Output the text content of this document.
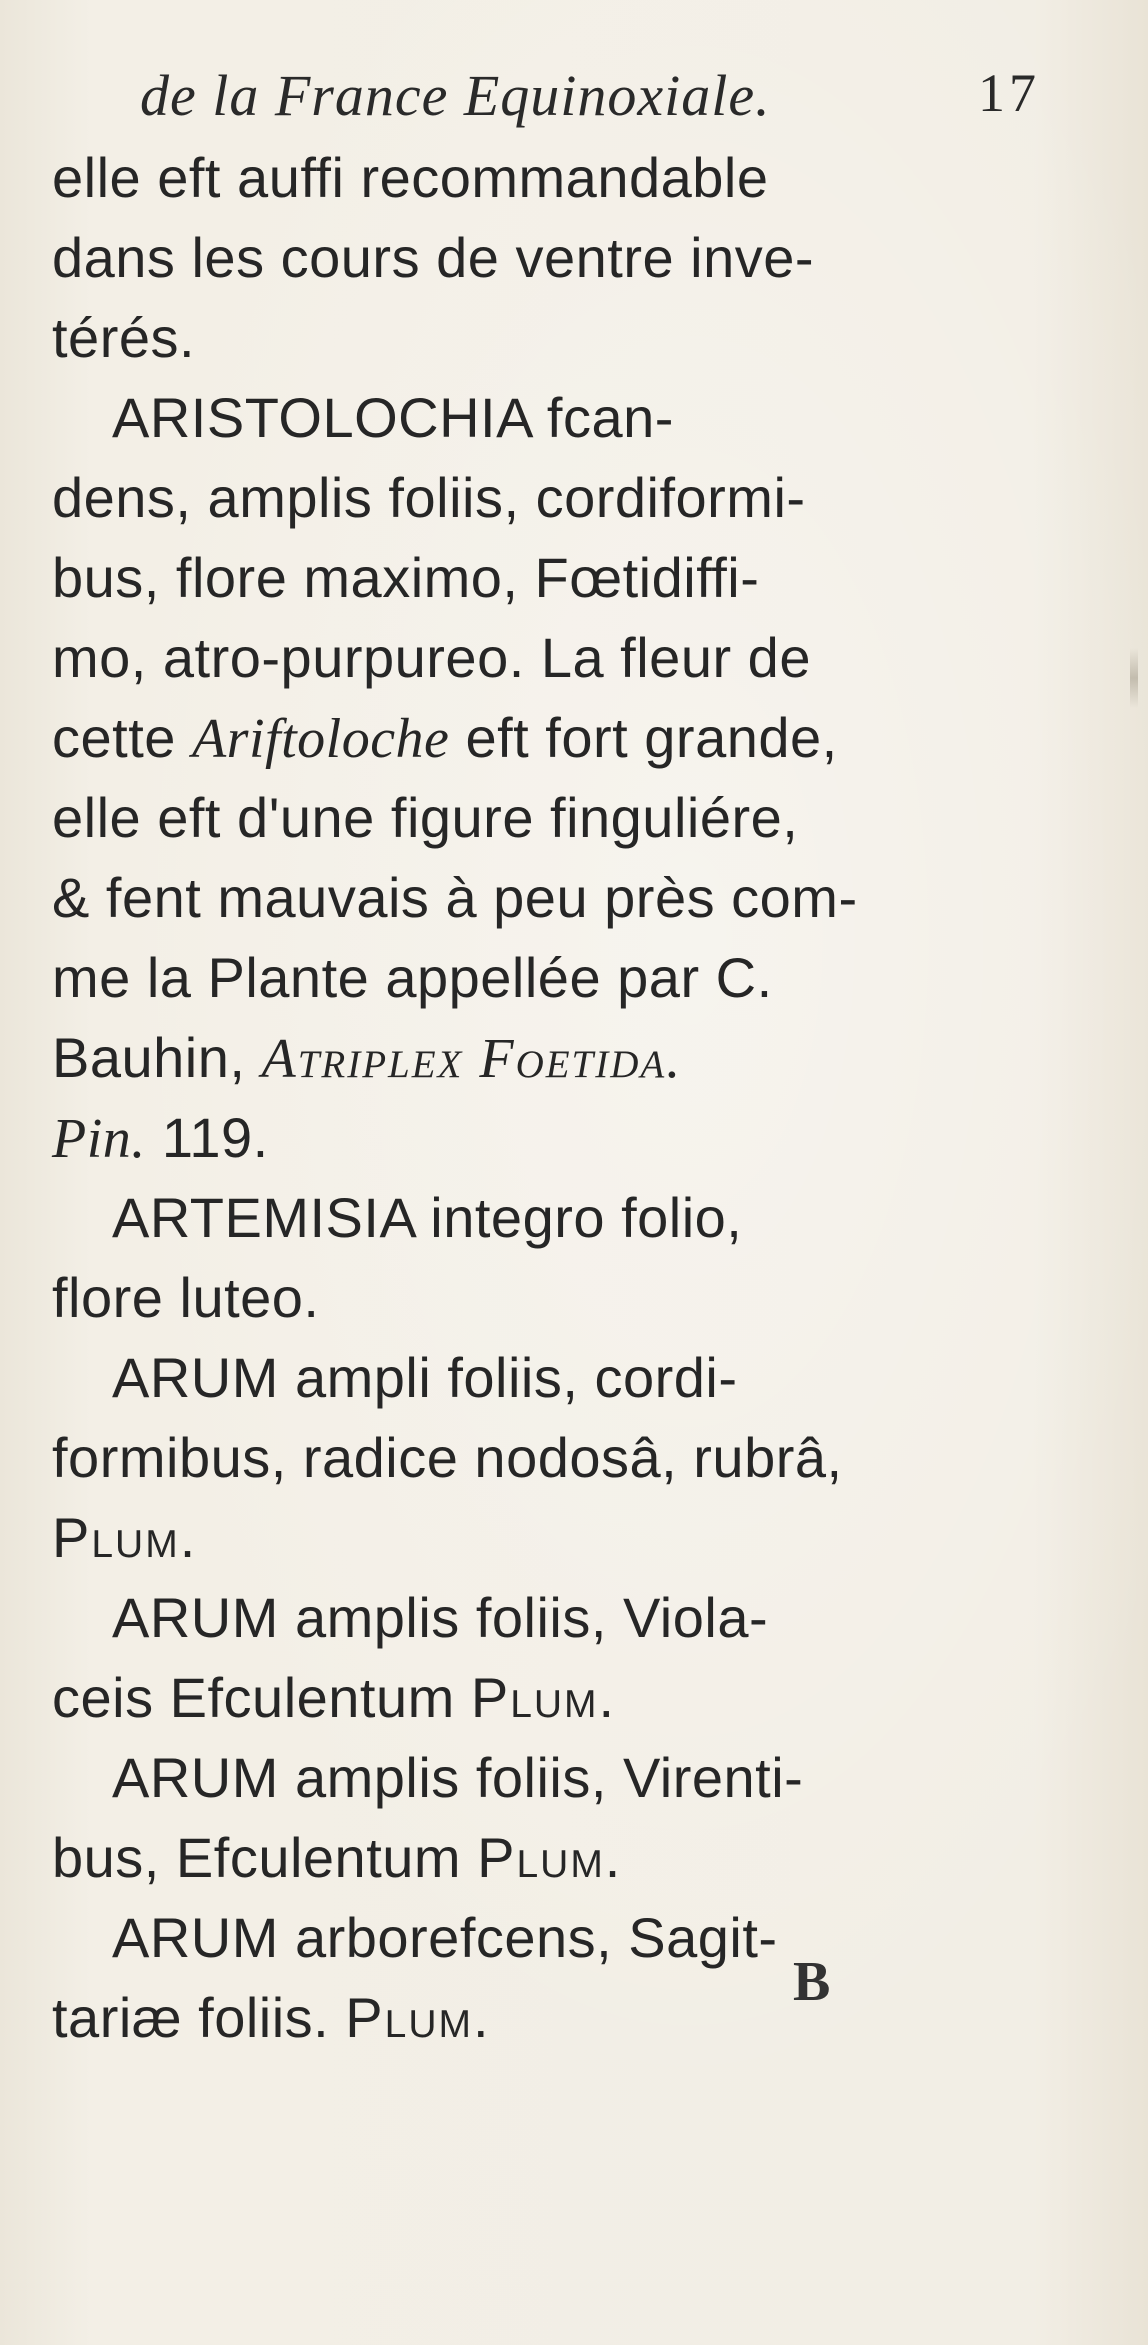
de la France Equinoxiale.	17
elle eft auffi recommandable
dans les cours de ventre inve-
térés.
ARISTOLOCHIA fcan-
dens, amplis foliis, cordiformi-
bus, flore maximo, Fœtidiffi-
mo, atro-purpureo. La fleur de
cette Ariftoloche eft fort grande,
elle eft d'une figure finguliére,
& fent mauvais à peu près com-
me la Plante appellée par C.
Bauhin, Atriplex Foetida.
Pin. 119.
ARTEMISIA integro folio,
flore luteo.
ARUM ampli foliis, cordi-
formibus, radice nodosâ, rubrâ,
Plum.
ARUM amplis foliis, Viola-
ceis Efculentum Plum.
ARUM amplis foliis, Virenti-
bus, Efculentum Plum.
ARUM arborefcens, Sagit-
tariæ foliis. Plum.
B
